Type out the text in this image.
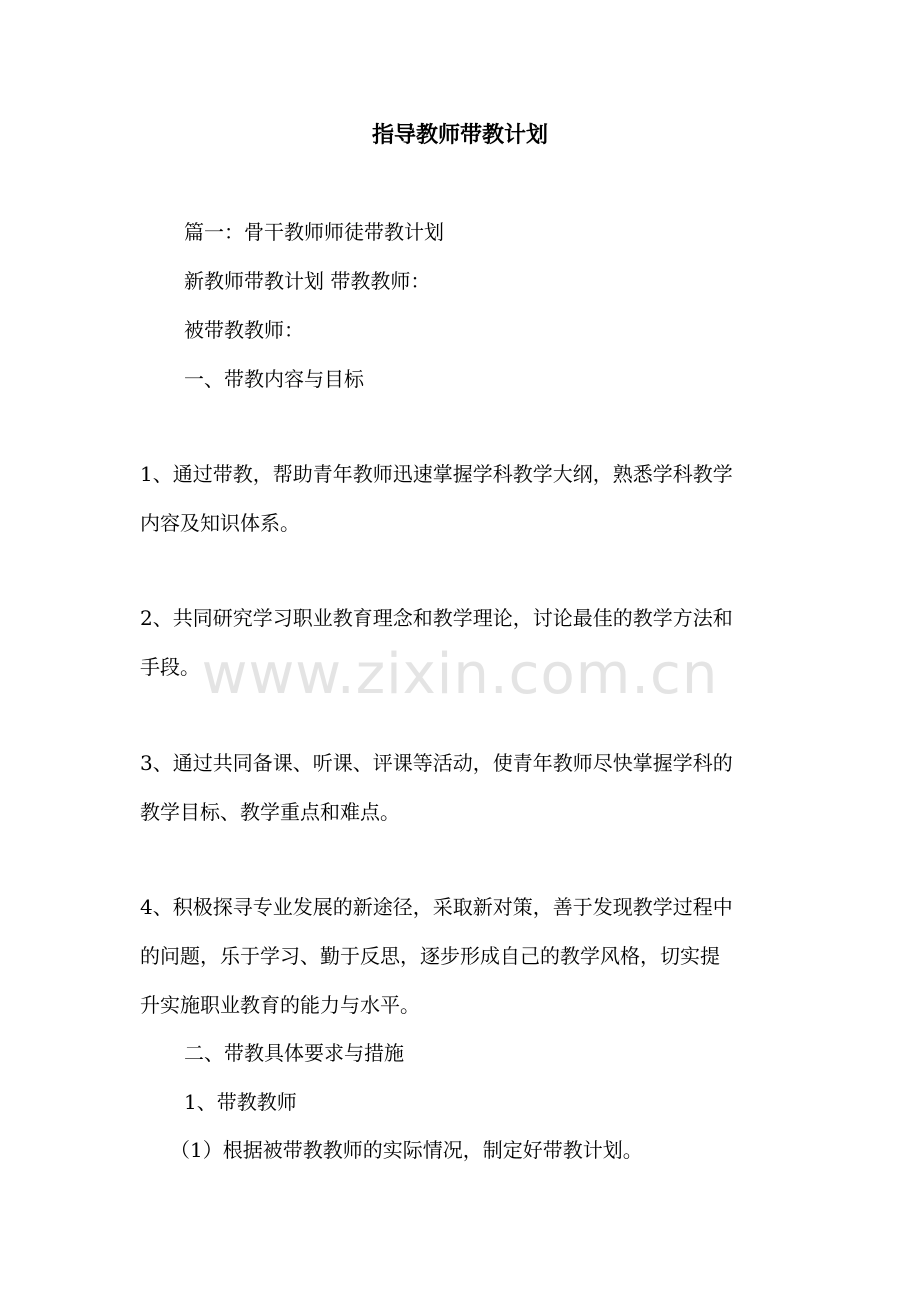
www.zixin.com.cn
指导教师带教计划
篇一：骨干教师师徒带教计划
新教师带教计划 带教教师：
被带教教师：
一、带教内容与目标
1、通过带教，帮助青年教师迅速掌握学科教学大纲，熟悉学科教学
内容及知识体系。
2、共同研究学习职业教育理念和教学理论，讨论最佳的教学方法和
手段。
3、通过共同备课、听课、评课等活动，使青年教师尽快掌握学科的
教学目标、教学重点和难点。
4、积极探寻专业发展的新途径，采取新对策，善于发现教学过程中
的问题，乐于学习、勤于反思，逐步形成自己的教学风格，切实提
升实施职业教育的能力与水平。
二、带教具体要求与措施
1、带教教师
（1）根据被带教教师的实际情况，制定好带教计划。
